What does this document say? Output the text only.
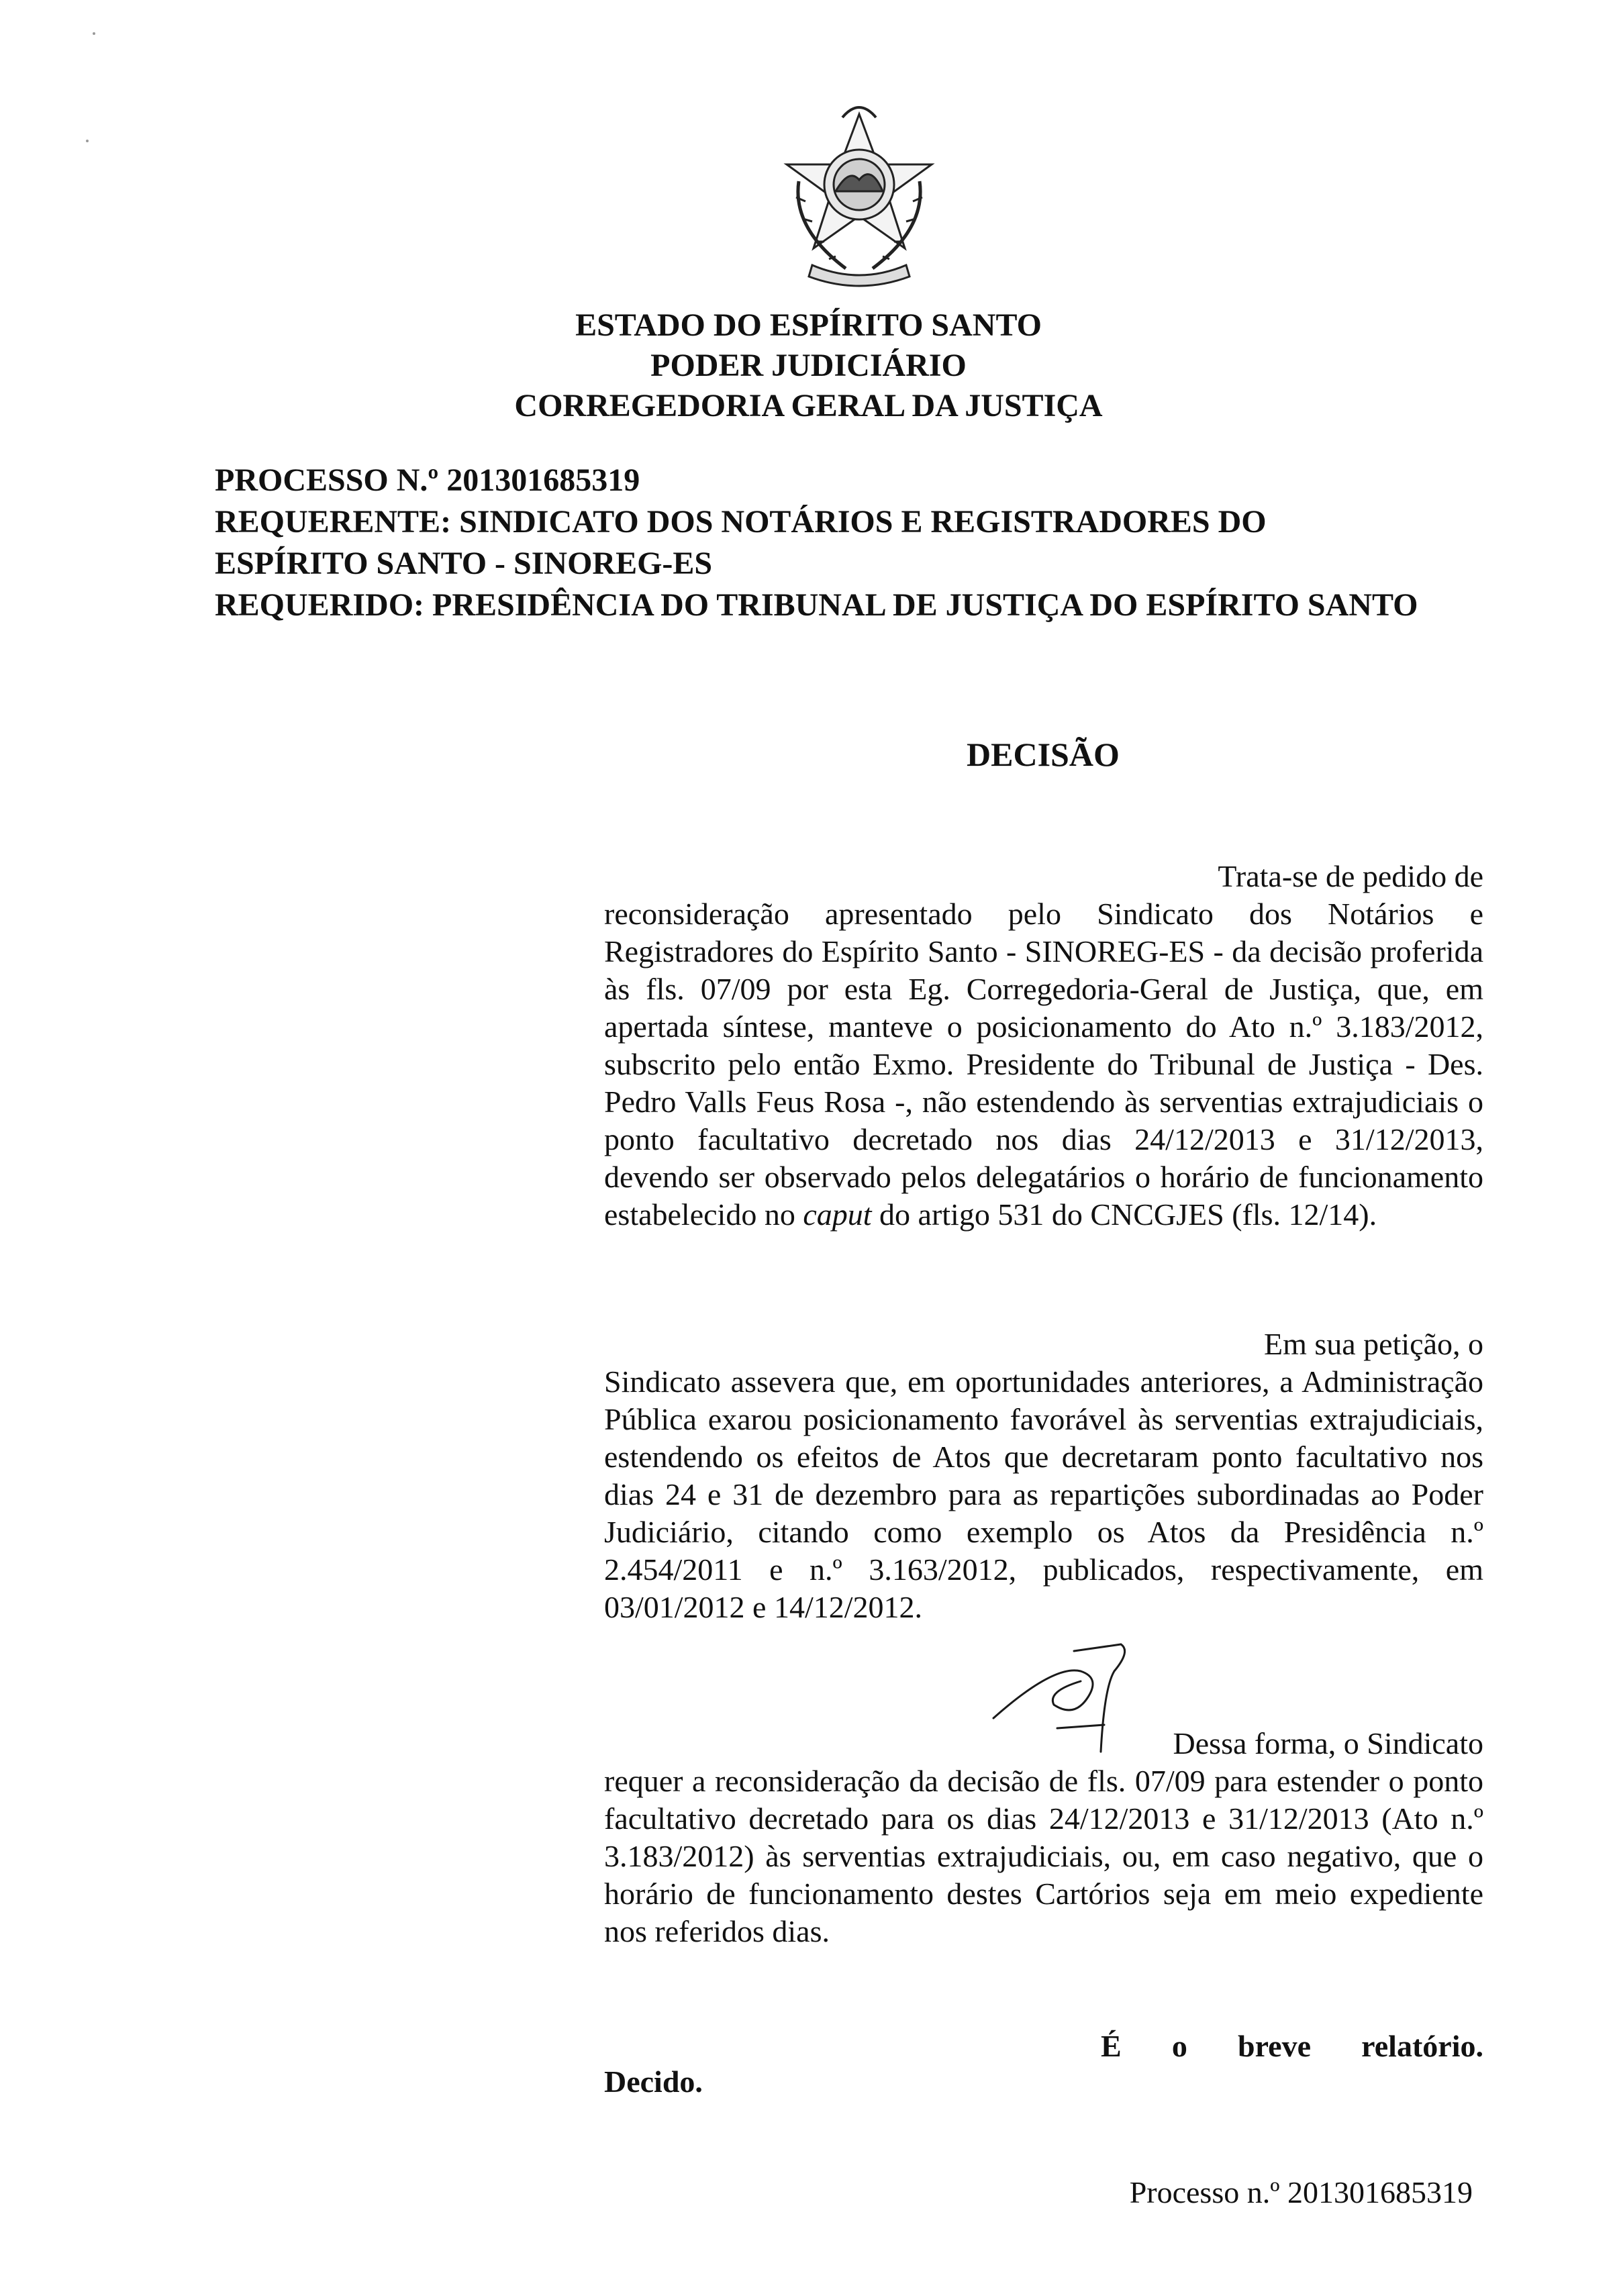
ESTADO DO ESPÍRITO SANTO
PODER JUDICIÁRIO
CORREGEDORIA GERAL DA JUSTIÇA
PROCESSO N.º 201301685319
REQUERENTE: SINDICATO DOS NOTÁRIOS E REGISTRADORES DO
ESPÍRITO SANTO - SINOREG-ES
REQUERIDO: PRESIDÊNCIA DO TRIBUNAL DE JUSTIÇA DO ESPÍRITO SANTO
DECISÃO
Trata-se de pedido de
reconsideração apresentado pelo Sindicato dos Notários e Registradores do Espírito Santo - SINOREG-ES - da decisão proferida às fls. 07/09 por esta Eg. Corregedoria-Geral de Justiça, que, em apertada síntese, manteve o posicionamento do Ato n.º 3.183/2012, subscrito pelo então Exmo. Presidente do Tribunal de Justiça - Des. Pedro Valls Feus Rosa -, não estendendo às serventias extrajudiciais o ponto facultativo decretado nos dias 24/12/2013 e 31/12/2013, devendo ser observado pelos delegatários o horário de funcionamento estabelecido no caput do artigo 531 do CNCGJES (fls. 12/14).
Em sua petição, o
Sindicato assevera que, em oportunidades anteriores, a Administração Pública exarou posicionamento favorável às serventias extrajudiciais, estendendo os efeitos de Atos que decretaram ponto facultativo nos dias 24 e 31 de dezembro para as repartições subordinadas ao Poder Judiciário, citando como exemplo os Atos da Presidência n.º 2.454/2011 e n.º 3.163/2012, publicados, respectivamente, em 03/01/2012 e 14/12/2012.
Dessa forma, o Sindicato
requer a reconsideração da decisão de fls. 07/09 para estender o ponto facultativo decretado para os dias 24/12/2013 e 31/12/2013 (Ato n.º 3.183/2012) às serventias extrajudiciais, ou, em caso negativo, que o horário de funcionamento destes Cartórios seja em meio expediente nos referidos dias.
É o breve relatório.
Decido.
Processo n.º 201301685319
